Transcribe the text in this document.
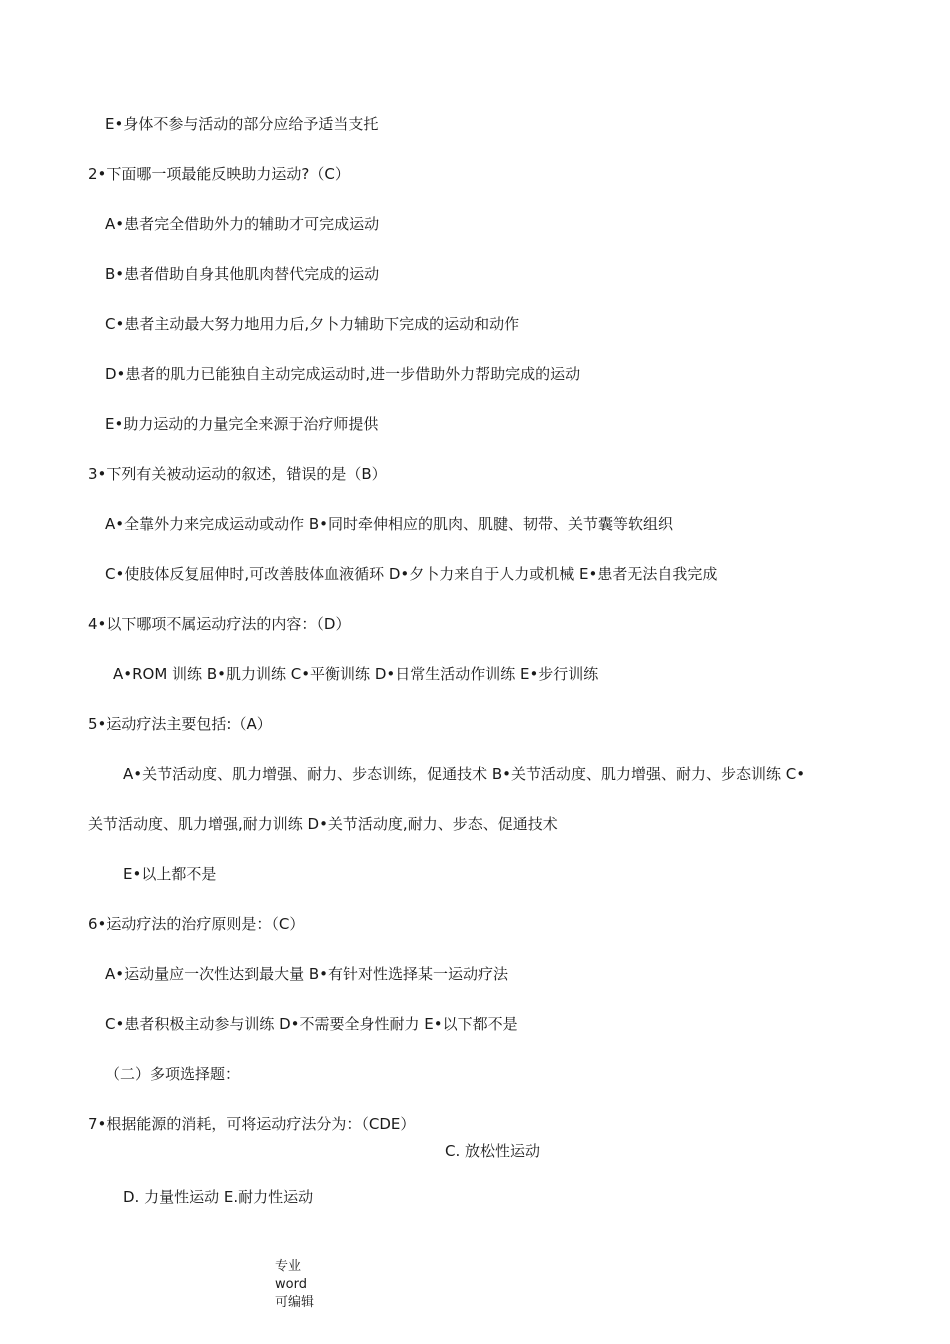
E•身体不参与活动的部分应给予适当支托
2•下面哪一项最能反映助力运动?（C）
A•患者完全借助外力的辅助才可完成运动
B•患者借助自身其他肌肉替代完成的运动
C•患者主动最大努力地用力后,夕卜力辅助下完成的运动和动作
D•患者的肌力已能独自主动完成运动时,进一步借助外力帮助完成的运动
E•助力运动的力量完全来源于治疗师提供
3•下列有关被动运动的叙述，错误的是（B）
A•全靠外力来完成运动或动作 B•同时牵伸相应的肌肉、肌腱、韧带、关节囊等软组织
C•使肢体反复屈伸时,可改善肢体血液循环 D•夕卜力来自于人力或机械 E•患者无法自我完成
4•以下哪项不属运动疗法的内容：（D）
A•ROM 训练 B•肌力训练 C•平衡训练 D•日常生活动作训练 E•步行训练
5•运动疗法主要包括:（A）
A•关节活动度、肌力增强、耐力、步态训练，促通技术 B•关节活动度、肌力增强、耐力、步态训练 C•
关节活动度、肌力增强,耐力训练 D•关节活动度,耐力、步态、促通技术
E•以上都不是
6•运动疗法的治疗原则是：（C）
A•运动量应一次性达到最大量 B•有针对性选择某一运动疗法
C•患者积极主动参与训练 D•不需要全身性耐力 E•以下都不是
（二）多项选择题：
7•根据能源的消耗，可将运动疗法分为：（CDE）
C. 放松性运动
D. 力量性运动 E.耐力性运动
专业
word
可编辑
